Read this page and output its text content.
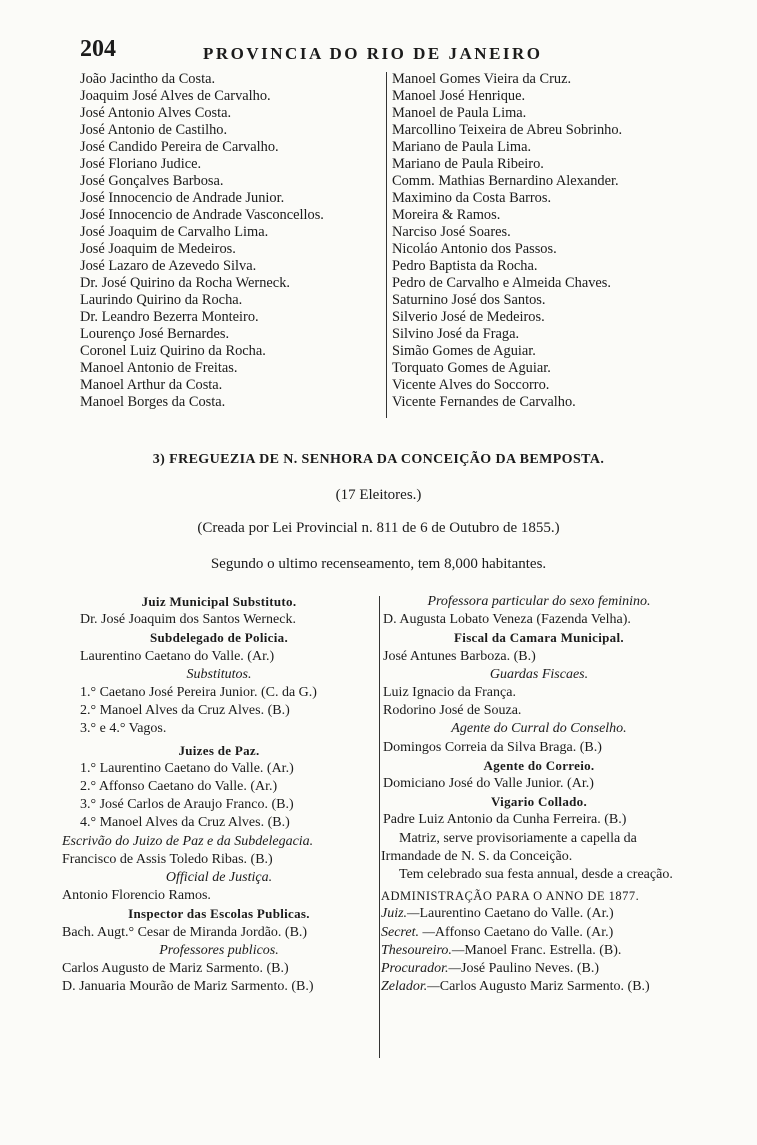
204	PROVINCIA DO RIO DE JANEIRO
João Jacintho da Costa.
Joaquim José Alves de Carvalho.
José Antonio Alves Costa.
José Antonio de Castilho.
José Candido Pereira de Carvalho.
José Floriano Judice.
José Gonçalves Barbosa.
José Innocencio de Andrade Junior.
José Innocencio de Andrade Vasconcellos.
José Joaquim de Carvalho Lima.
José Joaquim de Medeiros.
José Lazaro de Azevedo Silva.
Dr. José Quirino da Rocha Werneck.
Laurindo Quirino da Rocha.
Dr. Leandro Bezerra Monteiro.
Lourenço José Bernardes.
Coronel Luiz Quirino da Rocha.
Manoel Antonio de Freitas.
Manoel Arthur da Costa.
Manoel Borges da Costa.
Manoel Gomes Vieira da Cruz.
Manoel José Henrique.
Manoel de Paula Lima.
Marcollino Teixeira de Abreu Sobrinho.
Mariano de Paula Lima.
Mariano de Paula Ribeiro.
Comm. Mathias Bernardino Alexander.
Maximino da Costa Barros.
Moreira & Ramos.
Narciso José Soares.
Nicoláo Antonio dos Passos.
Pedro Baptista da Rocha.
Pedro de Carvalho e Almeida Chaves.
Saturnino José dos Santos.
Silverio José de Medeiros.
Silvino José da Fraga.
Simão Gomes de Aguiar.
Torquato Gomes de Aguiar.
Vicente Alves do Soccorro.
Vicente Fernandes de Carvalho.
3) FREGUEZIA DE N. SENHORA DA CONCEIÇÃO DA BEMPOSTA.
(17 Eleitores.)
(Creada por Lei Provincial n. 811 de 6 de Outubro de 1855.)
Segundo o ultimo recenseamento, tem 8,000 habitantes.
Juiz Municipal Substituto.
Dr. José Joaquim dos Santos Werneck.
Subdelegado de Policia.
Laurentino Caetano do Valle. (Ar.)
Substitutos.
1.° Caetano José Pereira Junior. (C. da G.)
2.° Manoel Alves da Cruz Alves. (B.)
3.° e 4.° Vagos.
Juizes de Paz.
1.° Laurentino Caetano do Valle. (Ar.)
2.° Affonso Caetano do Valle. (Ar.)
3.° José Carlos de Araujo Franco. (B.)
4.° Manoel Alves da Cruz Alves. (B.)
Escrivão do Juizo de Paz e da Subdelegacia.
Francisco de Assis Toledo Ribas. (B.)
Official de Justiça.
Antonio Florencio Ramos.
Inspector das Escolas Publicas.
Bach. Augt.° Cesar de Miranda Jordão. (B.)
Professores publicos.
Carlos Augusto de Mariz Sarmento. (B.)
D. Januaria Mourão de Mariz Sarmento. (B.)
Professora particular do sexo feminino.
D. Augusta Lobato Veneza (Fazenda Velha).
Fiscal da Camara Municipal.
José Antunes Barboza. (B.)
Guardas Fiscaes.
Luiz Ignacio da França.
Rodorino José de Souza.
Agente do Curral do Conselho.
Domingos Correia da Silva Braga. (B.)
Agente do Correio.
Domiciano José do Valle Junior. (Ar.)
Vigario Collado.
Padre Luiz Antonio da Cunha Ferreira. (B.)
Matriz, serve provisoriamente a capella da Irmandade de N. S. da Conceição.
Tem celebrado sua festa annual, desde a creação.
ADMINISTRAÇÃO PARA O ANNO DE 1877.
Juiz.—Laurentino Caetano do Valle. (Ar.)
Secret. —Affonso Caetano do Valle. (Ar.)
Thesoureiro.—Manoel Franc. Estrella. (B).
Procurador.—José Paulino Neves. (B.)
Zelador.—Carlos Augusto Mariz Sarmento. (B.)
